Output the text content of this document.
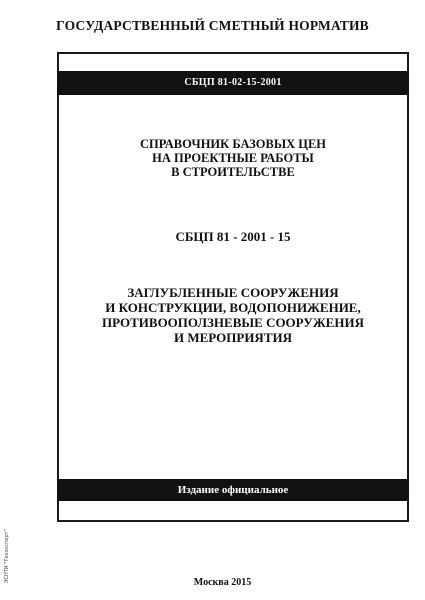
ГОСУДАРСТВЕННЫЙ СМЕТНЫЙ НОРМАТИВ
СБЦП 81-02-15-2001
СПРАВОЧНИК БАЗОВЫХ ЦЕН
НА ПРОЕКТНЫЕ РАБОТЫ
В СТРОИТЕЛЬСТВЕ
СБЦП 81 - 2001 - 15
ЗАГЛУБЛЕННЫЕ СООРУЖЕНИЯ
И КОНСТРУКЦИИ, ВОДОПОНИЖЕНИЕ,
ПРОТИВООПОЛЗНЕВЫЕ СООРУЖЕНИЯ
И МЕРОПРИЯТИЯ
Издание официальное
Москва 2015
ЭСНТИ "Техэксперт"
